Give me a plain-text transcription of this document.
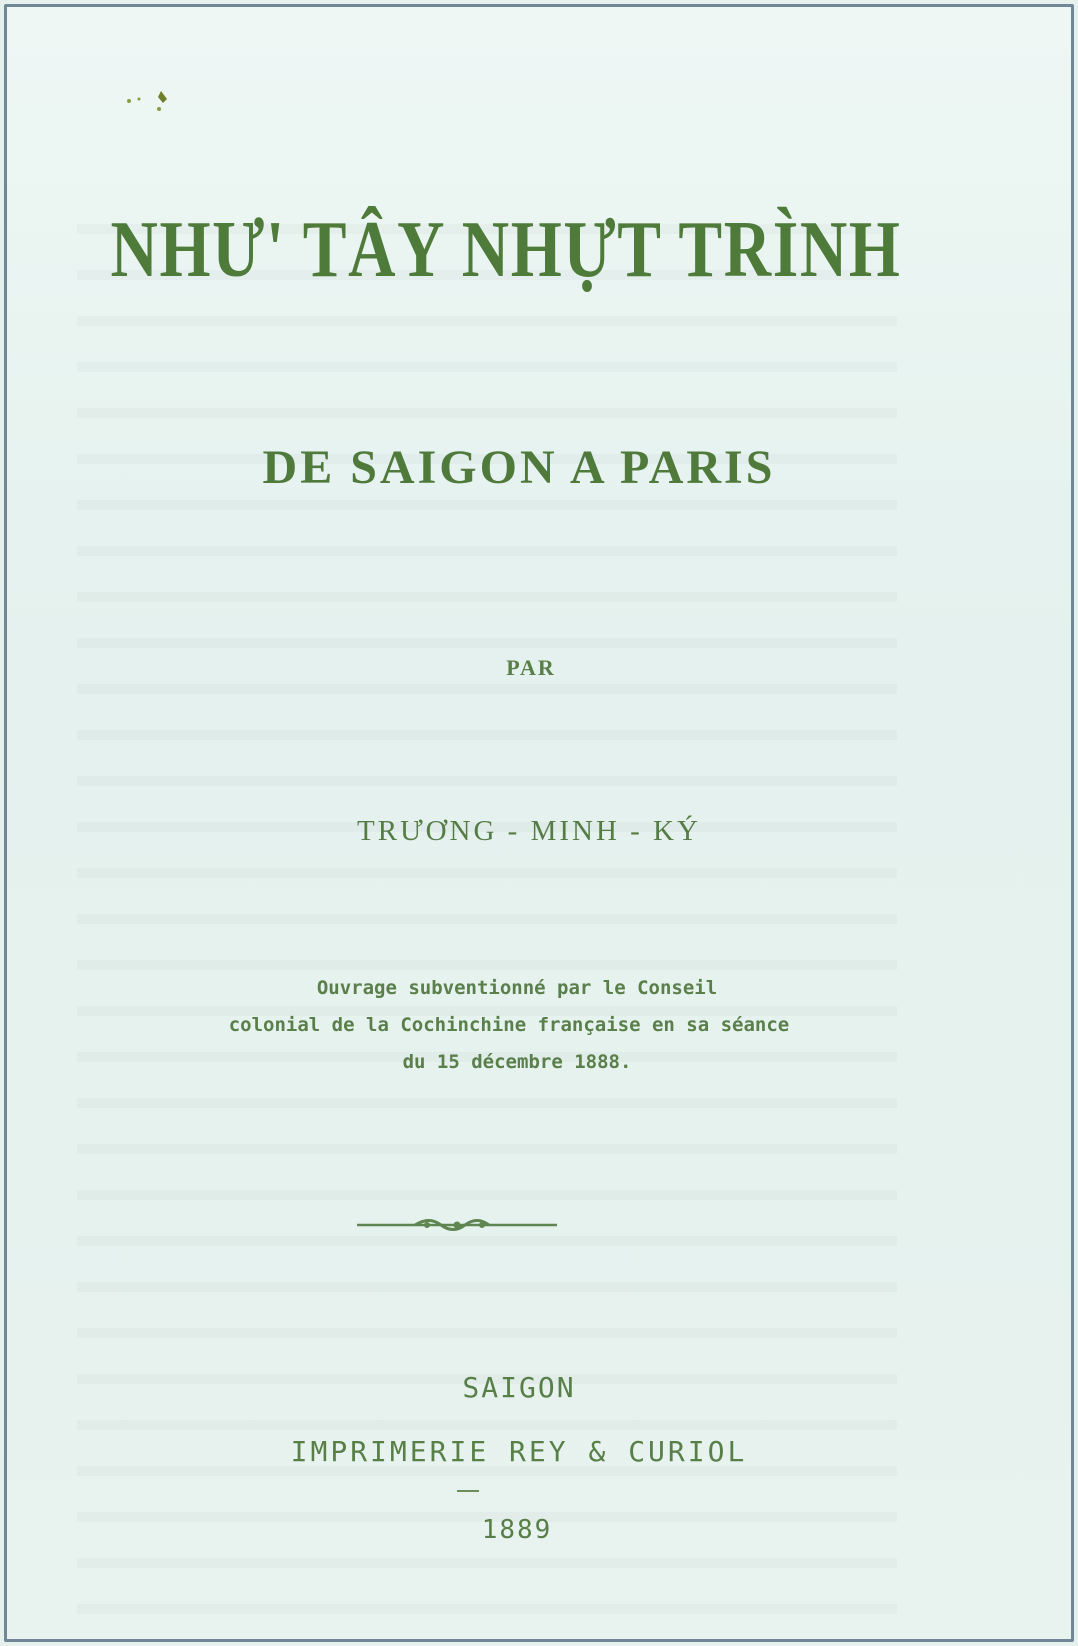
NHƯ' TÂY NHỰT TRÌNH
DE SAIGON A PARIS
PAR
TRƯƠNG - MINH - KÝ
Ouvrage subventionné par le Conseil
colonial de la Cochinchine française en sa séance
du 15 décembre 1888.
SAIGON
IMPRIMERIE REY & CURIOL
1889
